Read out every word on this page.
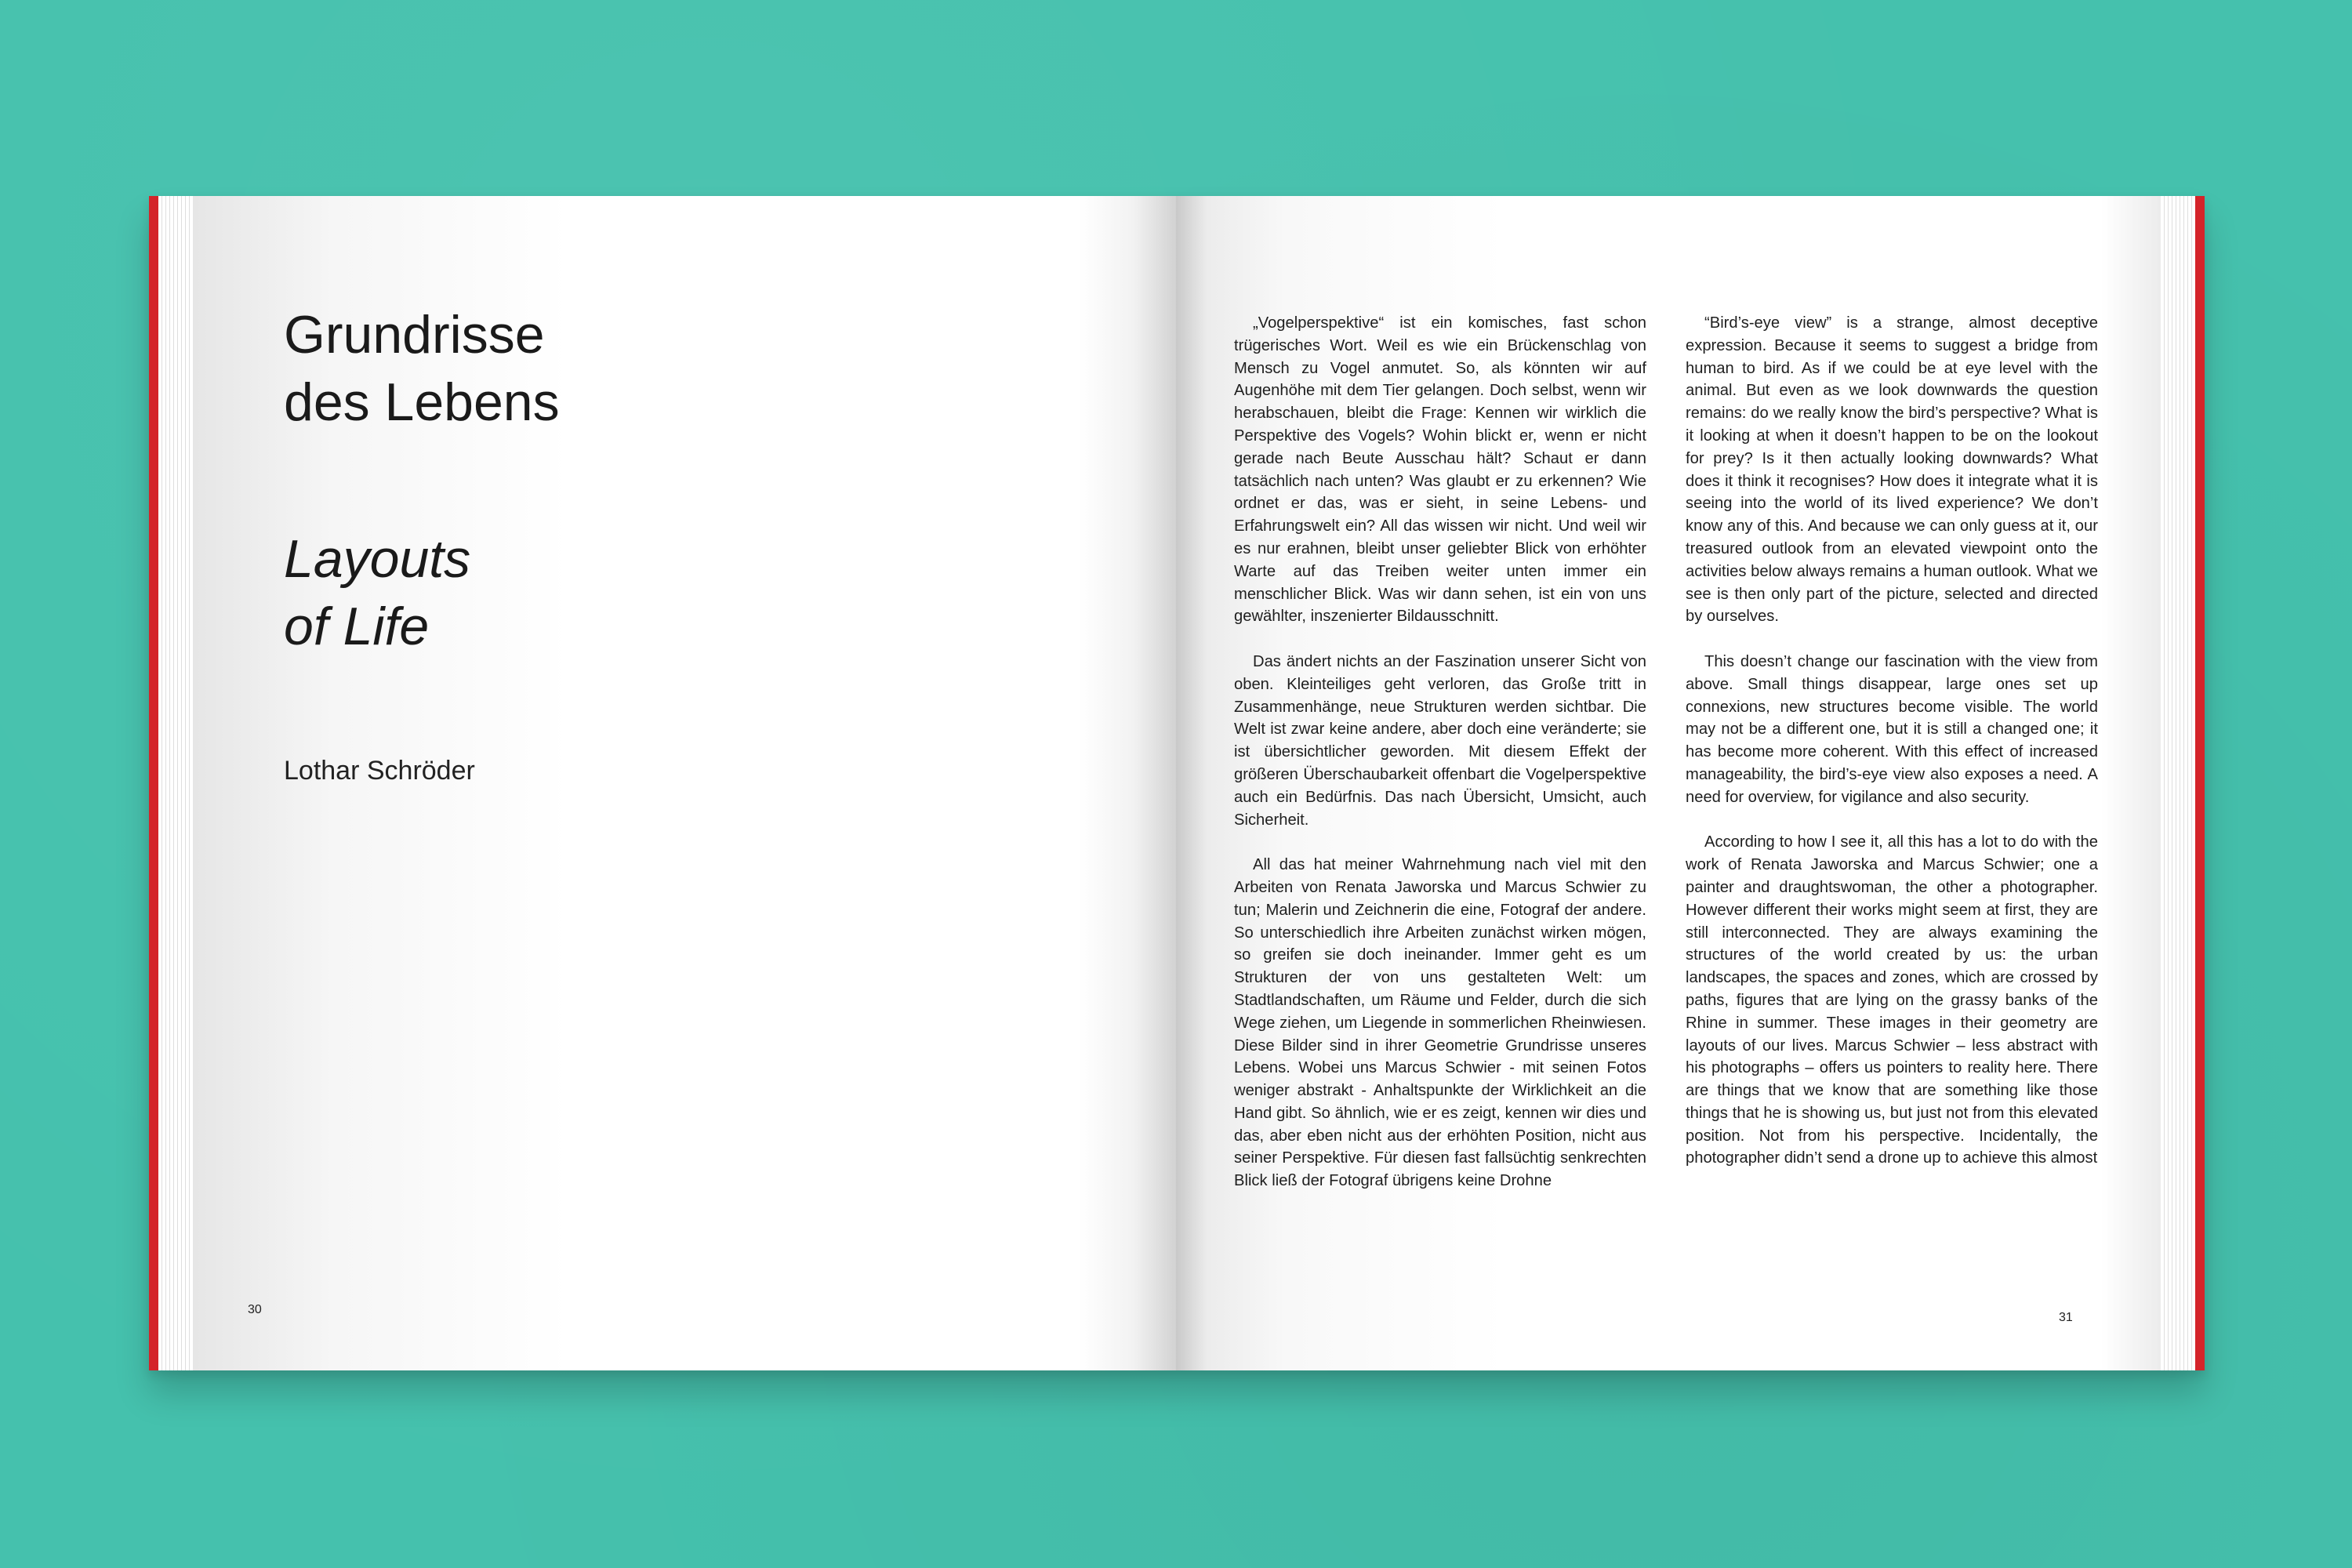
Grundrisse
des Lebens
Layouts
of Life

Lothar Schröder

30

„Vogelperspektive“ ist ein komisches, fast schon trügerisches Wort. Weil es wie ein Brückenschlag von Mensch zu Vogel anmutet. So, als könnten wir auf Augenhöhe mit dem Tier gelangen. Doch selbst, wenn wir herabschauen, bleibt die Frage: Kennen wir wirklich die Perspektive des Vogels? Wohin blickt er, wenn er nicht gerade nach Beute Ausschau hält? Schaut er dann tatsächlich nach unten? Was glaubt er zu erkennen? Wie ordnet er das, was er sieht, in seine Lebens- und Erfahrungswelt ein? All das wissen wir nicht. Und weil wir es nur erahnen, bleibt unser geliebter Blick von erhöhter Warte auf das Treiben weiter unten immer ein menschlicher Blick. Was wir dann sehen, ist ein von uns gewählter, inszenierter Bildausschnitt.

Das ändert nichts an der Faszination unserer Sicht von oben. Kleinteiliges geht verloren, das Große tritt in Zusammenhänge, neue Strukturen werden sichtbar. Die Welt ist zwar keine andere, aber doch eine veränderte; sie ist übersichtlicher geworden. Mit diesem Effekt der größeren Überschaubarkeit offenbart die Vogelperspektive auch ein Bedürfnis. Das nach Übersicht, Umsicht, auch Sicherheit.

All das hat meiner Wahrnehmung nach viel mit den Arbeiten von Renata Jaworska und Marcus Schwier zu tun; Malerin und Zeichnerin die eine, Fotograf der andere. So unterschiedlich ihre Arbeiten zunächst wirken mögen, so greifen sie doch ineinander. Immer geht es um Strukturen der von uns gestalteten Welt: um Stadtlandschaften, um Räume und Felder, durch die sich Wege ziehen, um Liegende in sommerlichen Rheinwiesen. Diese Bilder sind in ihrer Geometrie Grundrisse unseres Lebens. Wobei uns Marcus Schwier - mit seinen Fotos weniger abstrakt - Anhaltspunkte der Wirklichkeit an die Hand gibt. So ähnlich, wie er es zeigt, kennen wir dies und das, aber eben nicht aus der erhöhten Position, nicht aus seiner Perspektive. Für diesen fast fallsüchtig senkrechten Blick ließ der Fotograf übrigens keine Drohne

“Bird’s-eye view” is a strange, almost deceptive expression. Because it seems to suggest a bridge from human to bird. As if we could be at eye level with the animal. But even as we look downwards the question remains: do we really know the bird’s perspective? What is it looking at when it doesn’t happen to be on the lookout for prey? Is it then actually looking downwards? What does it think it recognises? How does it integrate what it is seeing into the world of its lived experience? We don’t know any of this. And because we can only guess at it, our treasured outlook from an elevated viewpoint onto the activities below always remains a human outlook. What we see is then only part of the picture, selected and directed by ourselves.

This doesn’t change our fascination with the view from above. Small things disappear, large ones set up connexions, new structures become visible. The world may not be a different one, but it is still a changed one; it has become more coherent. With this effect of increased manageability, the bird’s-eye view also exposes a need. A need for overview, for vigilance and also security.

According to how I see it, all this has a lot to do with the work of Renata Jaworska and Marcus Schwier; one a painter and draughtswoman, the other a photographer. However different their works might seem at first, they are still interconnected. They are always examining the structures of the world created by us: the urban landscapes, the spaces and zones, which are crossed by paths, figures that are lying on the grassy banks of the Rhine in summer. These images in their geometry are layouts of our lives. Marcus Schwier – less abstract with his photographs – offers us pointers to reality here. There are things that we know that are something like those things that he is showing us, but just not from this elevated position. Not from his perspective. Incidentally, the photographer didn’t send a drone up to achieve this almost

31
